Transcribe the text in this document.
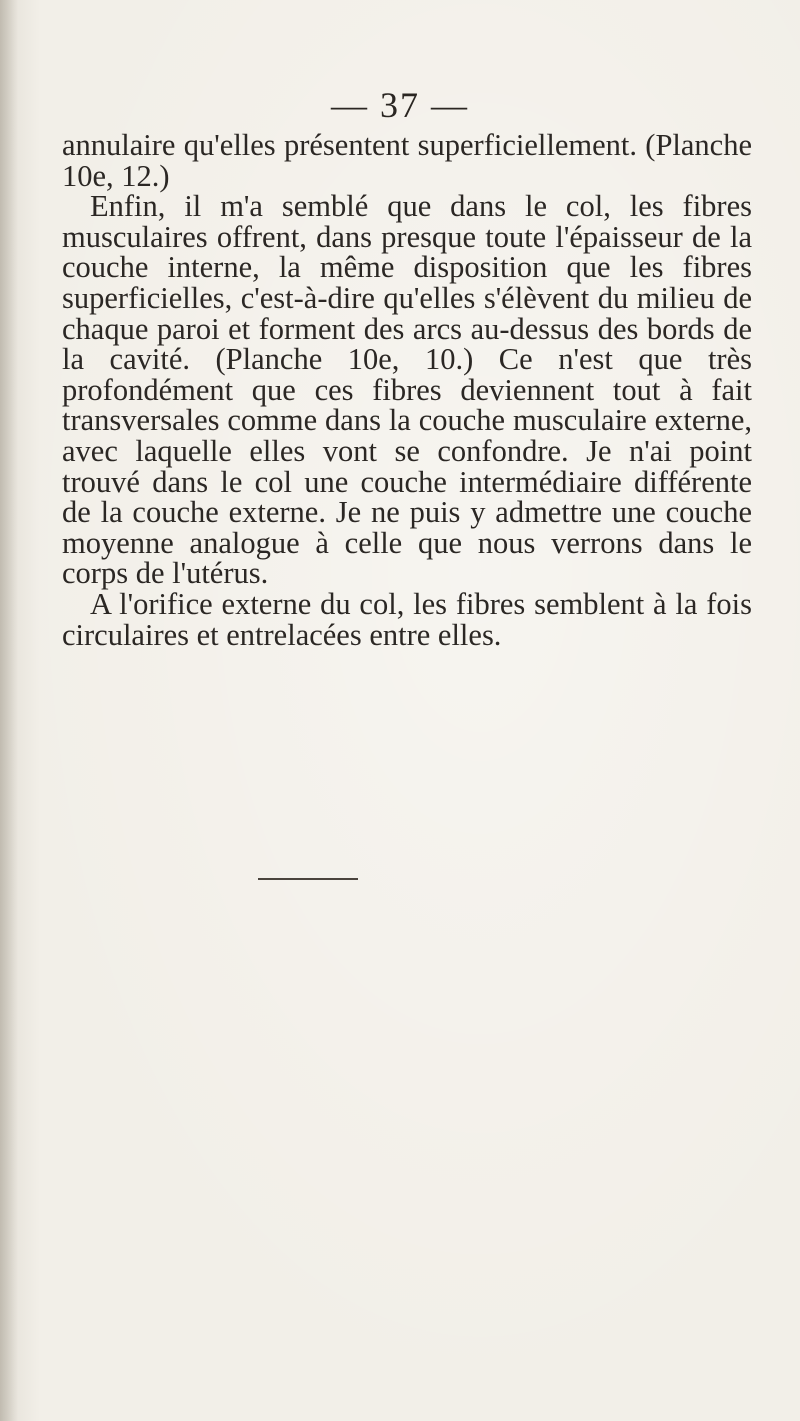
— 37 —

annulaire qu'elles présentent superficiellement. (Planche 10e, 12.)

Enfin, il m'a semblé que dans le col, les fibres musculaires offrent, dans presque toute l'épaisseur de la couche interne, la même disposition que les fibres superficielles, c'est-à-dire qu'elles s'élèvent du milieu de chaque paroi et forment des arcs au-dessus des bords de la cavité. (Planche 10e, 10.) Ce n'est que très profondément que ces fibres deviennent tout à fait transversales comme dans la couche musculaire externe, avec laquelle elles vont se confondre. Je n'ai point trouvé dans le col une couche intermédiaire différente de la couche externe. Je ne puis y admettre une couche moyenne analogue à celle que nous verrons dans le corps de l'utérus.

A l'orifice externe du col, les fibres semblent à la fois circulaires et entrelacées entre elles.
